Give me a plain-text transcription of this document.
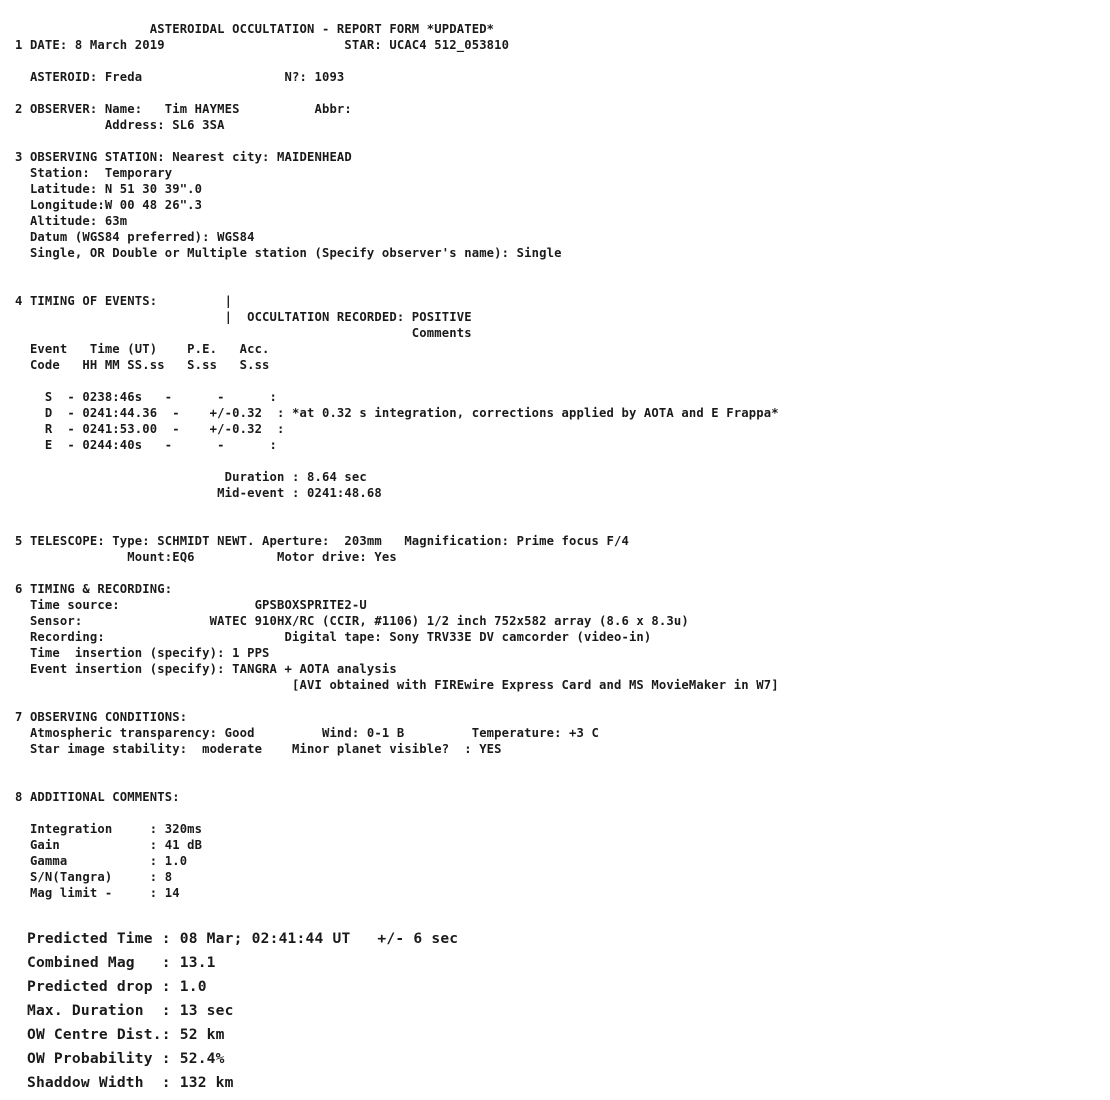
ASTEROIDAL OCCULTATION - REPORT FORM *UPDATED*
1 DATE: 8 March 2019                        STAR: UCAC4 512_053810
ASTEROID: Freda                   N?: 1093
2 OBSERVER: Name:   Tim HAYMES          Abbr:
Address: SL6 3SA
3 OBSERVING STATION: Nearest city: MAIDENHEAD
Station:  Temporary
Latitude: N 51 30 39".0
Longitude:W 00 48 26".3
Altitude: 63m
Datum (WGS84 preferred): WGS84
Single, OR Double or Multiple station (Specify observer's name): Single
4 TIMING OF EVENTS:         |
|  OCCULTATION RECORDED: POSITIVE
Comments
Event   Time (UT)    P.E.   Acc.
Code   HH MM SS.ss   S.ss   S.ss
S  - 0238:46s   -      -      :
D  - 0241:44.36  -    +/-0.32  : *at 0.32 s integration, corrections applied by AOTA and E Frappa*
R  - 0241:53.00  -    +/-0.32  :
E  - 0244:40s   -      -      :
Duration : 8.64 sec
Mid-event : 0241:48.68
5 TELESCOPE: Type: SCHMIDT NEWT. Aperture:  203mm   Magnification: Prime focus F/4
Mount:EQ6           Motor drive: Yes
6 TIMING & RECORDING:
Time source:                  GPSBOXSPRITE2-U
Sensor:                 WATEC 910HX/RC (CCIR, #1106) 1/2 inch 752x582 array (8.6 x 8.3u)
Recording:                        Digital tape: Sony TRV33E DV camcorder (video-in)
Time  insertion (specify): 1 PPS
Event insertion (specify): TANGRA + AOTA analysis
[AVI obtained with FIREwire Express Card and MS MovieMaker in W7]
7 OBSERVING CONDITIONS:
Atmospheric transparency: Good         Wind: 0-1 B         Temperature: +3 C
Star image stability:  moderate    Minor planet visible?  : YES
8 ADDITIONAL COMMENTS:
Integration     : 320ms
Gain            : 41 dB
Gamma           : 1.0
S/N(Tangra)     : 8
Mag limit -     : 14
Predicted Time : 08 Mar; 02:41:44 UT   +/- 6 sec
Combined Mag   : 13.1
Predicted drop : 1.0
Max. Duration  : 13 sec
OW Centre Dist.: 52 km
OW Probability : 52.4%
Shaddow Width  : 132 km
